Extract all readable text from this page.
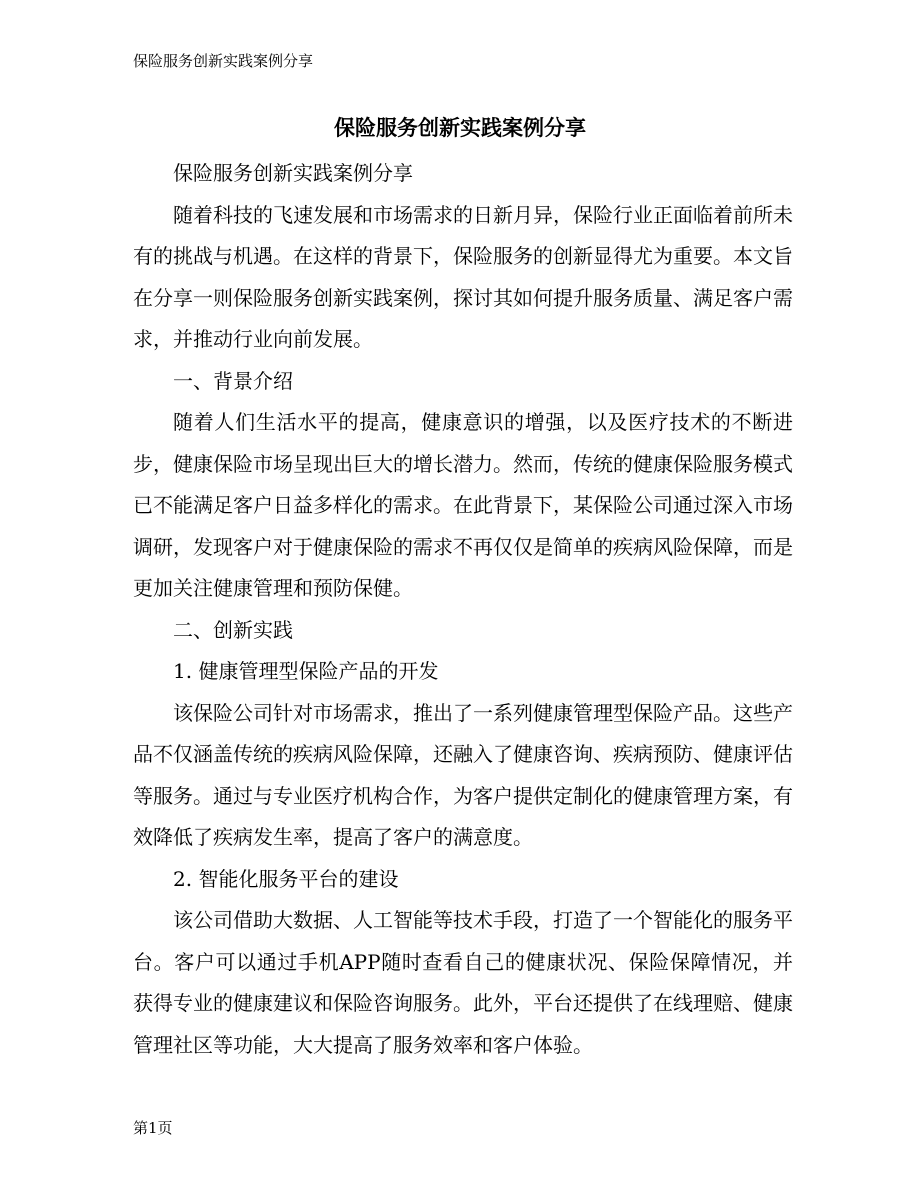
保险服务创新实践案例分享
保险服务创新实践案例分享

保险服务创新实践案例分享

随着科技的飞速发展和市场需求的日新月异，保险行业正面临着前所未有的挑战与机遇。在这样的背景下，保险服务的创新显得尤为重要。本文旨在分享一则保险服务创新实践案例，探讨其如何提升服务质量、满足客户需求，并推动行业向前发展。

一、背景介绍

随着人们生活水平的提高，健康意识的增强，以及医疗技术的不断进步，健康保险市场呈现出巨大的增长潜力。然而，传统的健康保险服务模式已不能满足客户日益多样化的需求。在此背景下，某保险公司通过深入市场调研，发现客户对于健康保险的需求不再仅仅是简单的疾病风险保障，而是更加关注健康管理和预防保健。

二、创新实践

1. 健康管理型保险产品的开发

该保险公司针对市场需求，推出了一系列健康管理型保险产品。这些产品不仅涵盖传统的疾病风险保障，还融入了健康咨询、疾病预防、健康评估等服务。通过与专业医疗机构合作，为客户提供定制化的健康管理方案，有效降低了疾病发生率，提高了客户的满意度。

2. 智能化服务平台的建设

该公司借助大数据、人工智能等技术手段，打造了一个智能化的服务平台。客户可以通过手机APP随时查看自己的健康状况、保险保障情况，并获得专业的健康建议和保险咨询服务。此外，平台还提供了在线理赔、健康管理社区等功能，大大提高了服务效率和客户体验。

第1页
